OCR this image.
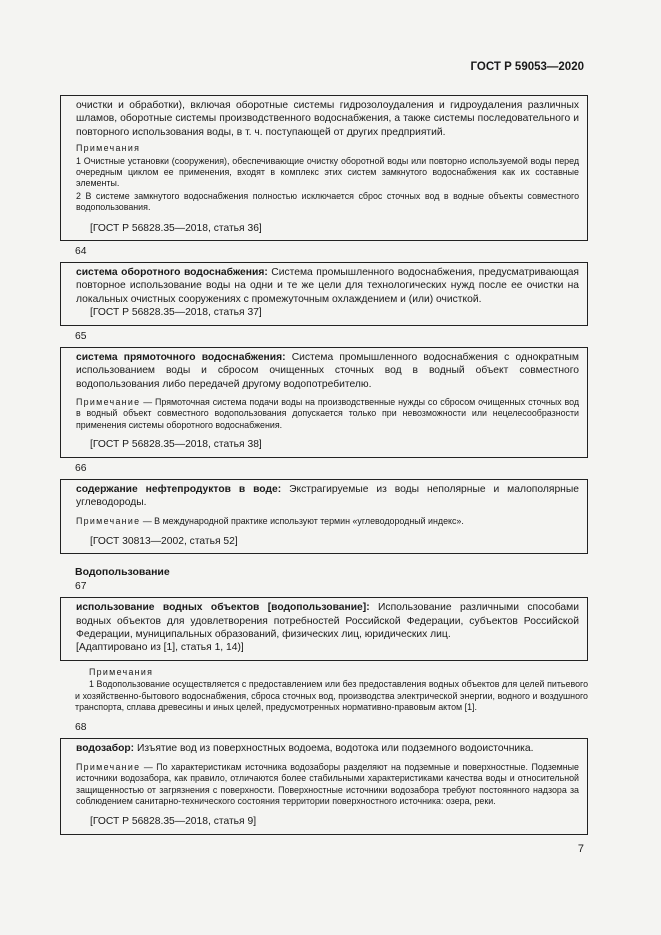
ГОСТ Р 59053—2020

очистки и обработки), включая оборотные системы гидрозолоудаления и гидроудаления различных шламов, оборотные системы производственного водоснабжения, а также системы последовательного и повторного использования воды, в т. ч. поступающей от других предприятий.

Примечания

1 Очистные установки (сооружения), обеспечивающие очистку оборотной воды или повторно используемой воды перед очередным циклом ее применения, входят в комплекс этих систем замкнутого водоснабжения как их составные элементы.

2 В системе замкнутого водоснабжения полностью исключается сброс сточных вод в водные объекты совместного водопользования.

[ГОСТ Р 56828.35—2018, статья 36]

64

система оборотного водоснабжения: Система промышленного водоснабжения, предусматривающая повторное использование воды на одни и те же цели для технологических нужд после ее очистки на локальных очистных сооружениях с промежуточным охлаждением и (или) очисткой.

[ГОСТ Р 56828.35—2018, статья 37]

65

система прямоточного водоснабжения: Система промышленного водоснабжения с однократным использованием воды и сбросом очищенных сточных вод в водный объект совместного водопользования либо передачей другому водопотребителю.

Примечание — Прямоточная система подачи воды на производственные нужды со сбросом очищенных сточных вод в водный объект совместного водопользования допускается только при невозможности или нецелесообразности применения системы оборотного водоснабжения.

[ГОСТ Р 56828.35—2018, статья 38]

66

содержание нефтепродуктов в воде: Экстрагируемые из воды неполярные и малополярные углеводороды.

Примечание — В международной практике используют термин «углеводородный индекс».

[ГОСТ 30813—2002, статья 52]

Водопользование
67

использование водных объектов [водопользование]: Использование различными способами водных объектов для удовлетворения потребностей Российской Федерации, субъектов Российской Федерации, муниципальных образований, физических лиц, юридических лиц.

[Адаптировано из [1], статья 1, 14)]

Примечания

1 Водопользование осуществляется с предоставлением или без предоставления водных объектов для целей питьевого и хозяйственно-бытового водоснабжения, сброса сточных вод, производства электрической энергии, водного и воздушного транспорта, сплава древесины и иных целей, предусмотренных нормативно-правовым актом [1].

68

водозабор: Изъятие вод из поверхностных водоема, водотока или подземного водоисточника.

Примечание — По характеристикам источника водозаборы разделяют на подземные и поверхностные. Подземные источники водозабора, как правило, отличаются более стабильными характеристиками качества воды и относительной защищенностью от загрязнения с поверхности. Поверхностные источники водозабора требуют постоянного надзора за соблюдением санитарно-технического состояния территории поверхностного источника: озера, реки.

[ГОСТ Р 56828.35—2018, статья 9]

7
